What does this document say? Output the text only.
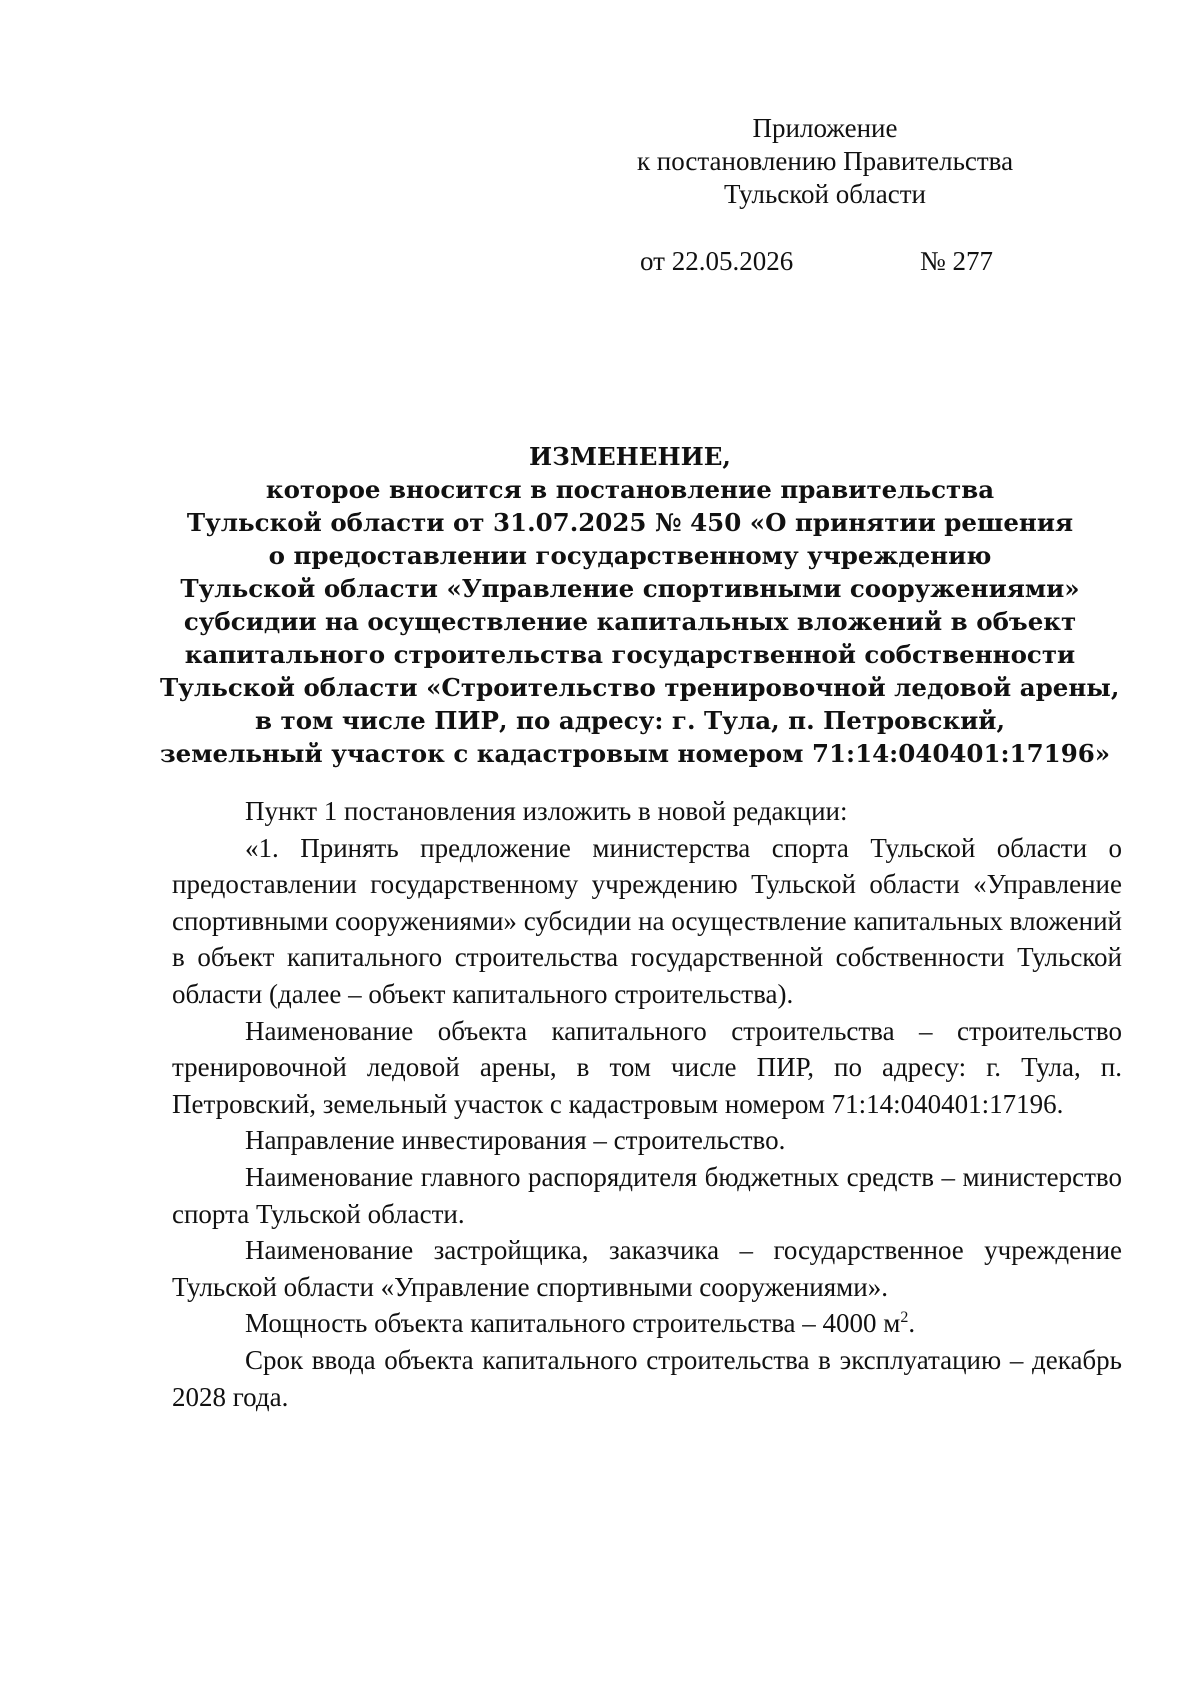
Приложение
к постановлению Правительства
Тульской области
от 22.05.2026	№ 277
ИЗМЕНЕНИЕ,
которое вносится в постановление правительства
Тульской области от 31.07.2025 № 450 «О принятии решения
о предоставлении государственному учреждению
Тульской области «Управление спортивными сооружениями»
субсидии на осуществление капитальных вложений в объект
капитального строительства государственной собственности
Тульской области «Строительство тренировочной ледовой арены,
в том числе ПИР, по адресу: г. Тула, п. Петровский,
земельный участок с кадастровым номером 71:14:040401:17196»

Пункт 1 постановления изложить в новой редакции:

«1. Принять предложение министерства спорта Тульской области о предоставлении государственному учреждению Тульской области «Управление спортивными сооружениями» субсидии на осуществление капитальных вложений в объект капитального строительства государственной собственности Тульской области (далее – объект капитального строительства).

Наименование объекта капитального строительства – строительство тренировочной ледовой арены, в том числе ПИР, по адресу: г. Тула, п. Петровский, земельный участок с кадастровым номером 71:14:040401:17196.

Направление инвестирования – строительство.

Наименование главного распорядителя бюджетных средств – министерство спорта Тульской области.

Наименование застройщика, заказчика – государственное учреждение Тульской области «Управление спортивными сооружениями».

Мощность объекта капитального строительства – 4000 $м^2$.

Срок ввода объекта капитального строительства в эксплуатацию – декабрь 2028 года.
